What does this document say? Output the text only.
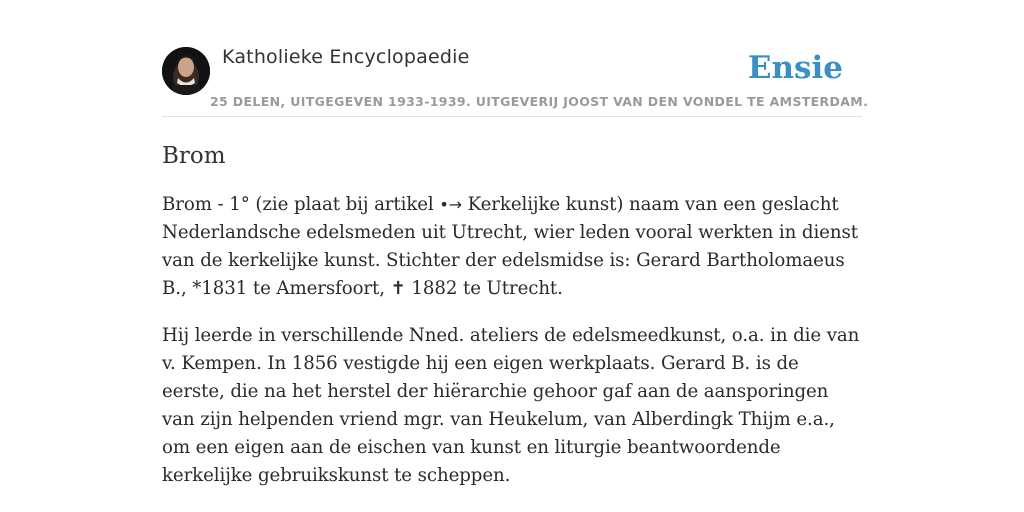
Katholieke Encyclopaedie	Ensie
25 DELEN, UITGEGEVEN 1933-1939. UITGEVERIJ JOOST VAN DEN VONDEL TE AMSTERDAM.
Brom

Brom - 1° (zie plaat bij artikel •→ Kerkelijke kunst) naam van een geslacht Nederlandsche edelsmeden uit Utrecht, wier leden vooral werkten in dienst van de kerkelijke kunst. Stichter der edelsmidse is: Gerard Bartholomaeus B., *1831 te Amersfoort, ✝ 1882 te Utrecht.

Hij leerde in verschillende Nned. ateliers de edelsmeedkunst, o.a. in die van v. Kempen. In 1856 vestigde hij een eigen werkplaats. Gerard B. is de eerste, die na het herstel der hiërarchie gehoor gaf aan de aansporingen van zijn helpenden vriend mgr. van Heukelum, van Alberdingk Thijm e.a., om een eigen aan de eischen van kunst en liturgie beantwoordende kerkelijke gebruikskunst te scheppen.
